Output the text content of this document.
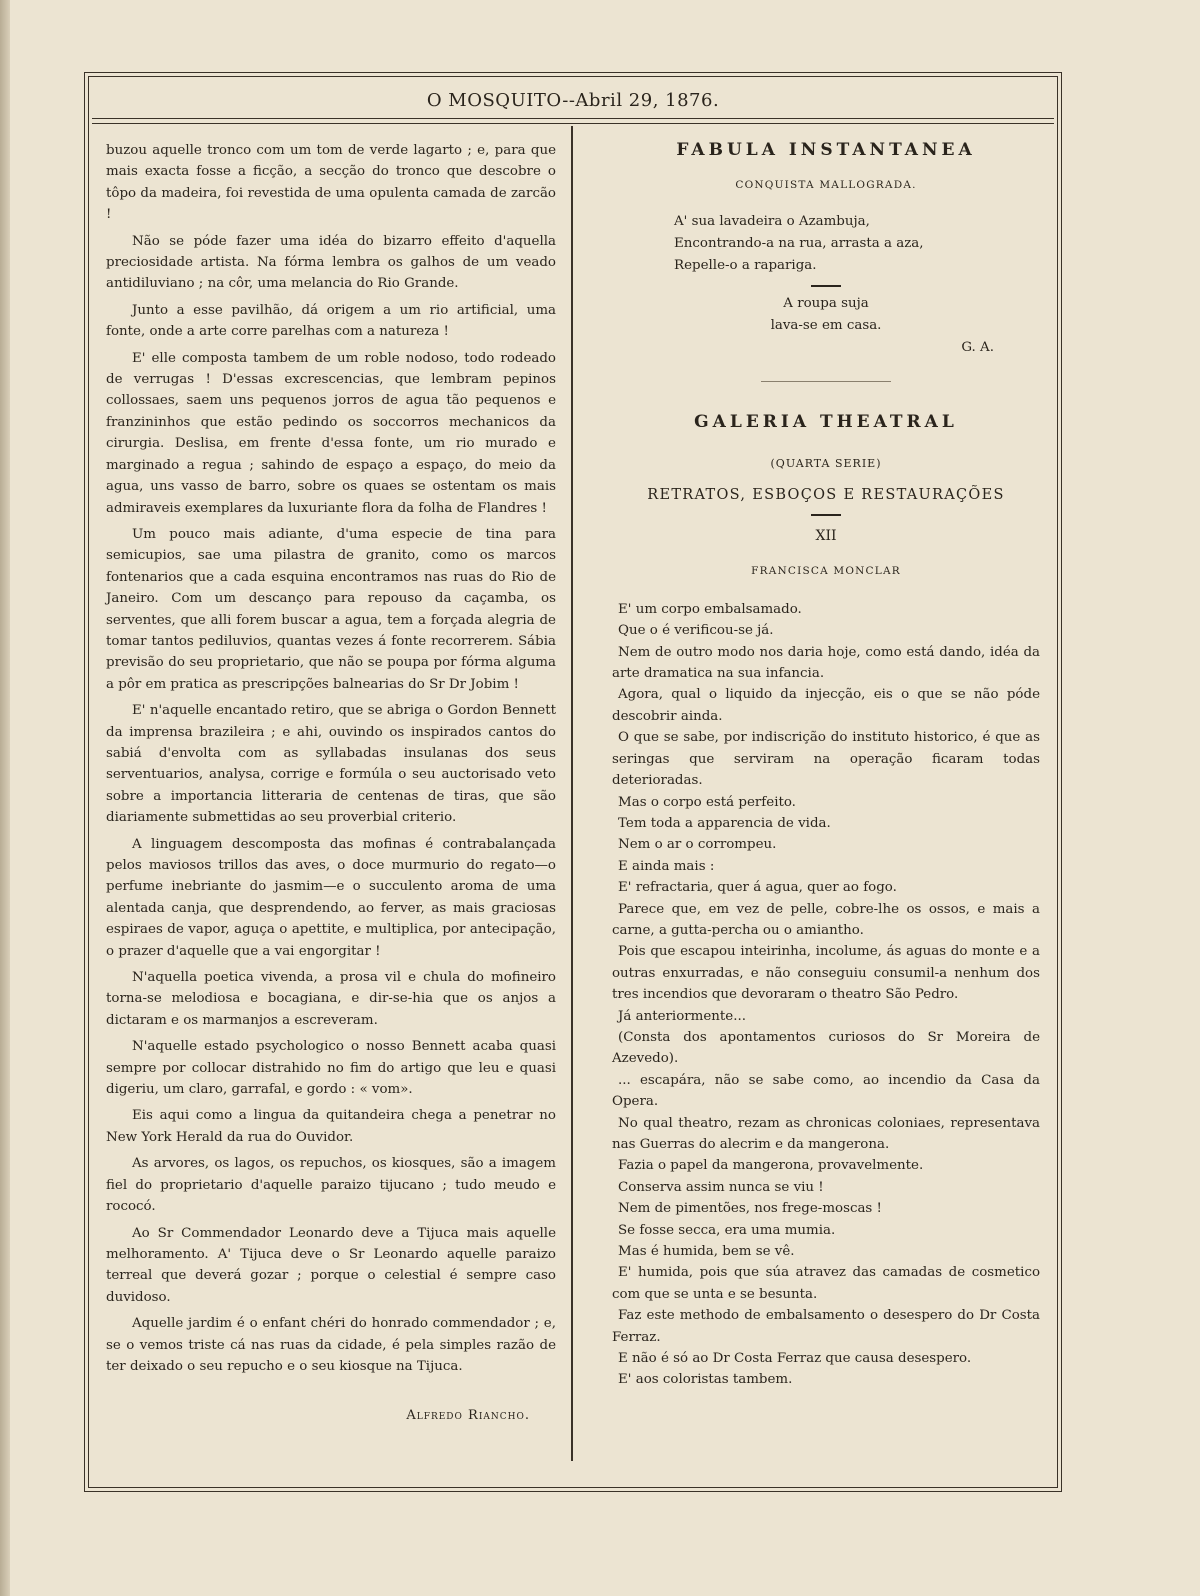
O MOSQUITO--Abril 29, 1876.

buzou aquelle tronco com um tom de verde lagarto ; e, para que mais exacta fosse a ficção, a secção do tronco que descobre o tôpo da madeira, foi revestida de uma opulenta camada de zarcão !

Não se póde fazer uma idéa do bizarro effeito d'aquella preciosidade artista. Na fórma lembra os galhos de um veado antidiluviano ; na côr, uma melancia do Rio Grande.

Junto a esse pavilhão, dá origem a um rio artificial, uma fonte, onde a arte corre parelhas com a natureza !

E' elle composta tambem de um roble nodoso, todo rodeado de verrugas ! D'essas excrescencias, que lembram pepinos collossaes, saem uns pequenos jorros de agua tão pequenos e franzininhos que estão pedindo os soccorros mechanicos da cirurgia. Deslisa, em frente d'essa fonte, um rio murado e marginado a regua ; sahindo de espaço a espaço, do meio da agua, uns vasso de barro, sobre os quaes se ostentam os mais admiraveis exemplares da luxuriante flora da folha de Flandres !

Um pouco mais adiante, d'uma especie de tina para semicupios, sae uma pilastra de granito, como os marcos fontenarios que a cada esquina encontramos nas ruas do Rio de Janeiro. Com um descanço para repouso da caçamba, os serventes, que alli forem buscar a agua, tem a forçada alegria de tomar tantos pediluvios, quantas vezes á fonte recorrerem. Sábia previsão do seu proprietario, que não se poupa por fórma alguma a pôr em pratica as prescripções balnearias do Sr Dr Jobim !

E' n'aquelle encantado retiro, que se abriga o Gordon Bennett da imprensa brazileira ; e ahi, ouvindo os inspirados cantos do sabiá d'envolta com as syllabadas insulanas dos seus serventuarios, analysa, corrige e formúla o seu auctorisado veto sobre a importancia litteraria de centenas de tiras, que são diariamente submettidas ao seu proverbial criterio.

A linguagem descomposta das mofinas é contrabalançada pelos maviosos trillos das aves, o doce murmurio do regato—o perfume inebriante do jasmim—e o succulento aroma de uma alentada canja, que desprendendo, ao ferver, as mais graciosas espiraes de vapor, aguça o apettite, e multiplica, por antecipação, o prazer d'aquelle que a vai engorgitar !

N'aquella poetica vivenda, a prosa vil e chula do mofineiro torna-se melodiosa e bocagiana, e dir-se-hia que os anjos a dictaram e os marmanjos a escreveram.

N'aquelle estado psychologico o nosso Bennett acaba quasi sempre por collocar distrahido no fim do artigo que leu e quasi digeriu, um claro, garrafal, e gordo : « vom».

Eis aqui como a lingua da quitandeira chega a penetrar no New York Herald da rua do Ouvidor.

As arvores, os lagos, os repuchos, os kiosques, são a imagem fiel do proprietario d'aquelle paraizo tijucano ; tudo meudo e rococó.

Ao Sr Commendador Leonardo deve a Tijuca mais aquelle melhoramento. A' Tijuca deve o Sr Leonardo aquelle paraizo terreal que deverá gozar ; porque o celestial é sempre caso duvidoso.

Aquelle jardim é o enfant chéri do honrado commendador ; e, se o vemos triste cá nas ruas da cidade, é pela simples razão de ter deixado o seu repucho e o seu kiosque na Tijuca.

Alfredo Riancho.
FABULA INSTANTANEA
CONQUISTA MALLOGRADA.
A' sua lavadeira o Azambuja,
Encontrando-a na rua, arrasta a aza,
Repelle-o a rapariga.
A roupa suja
lava-se em casa.
G. A.
GALERIA THEATRAL
(QUARTA SERIE)
RETRATOS, ESBOÇOS E RESTAURAÇÕES
XII
FRANCISCA MONCLAR

E' um corpo embalsamado.

Que o é verificou-se já.

Nem de outro modo nos daria hoje, como está dando, idéa da arte dramatica na sua infancia.

Agora, qual o liquido da injecção, eis o que se não póde descobrir ainda.

O que se sabe, por indiscrição do instituto historico, é que as seringas que serviram na operação ficaram todas deterioradas.

Mas o corpo está perfeito.

Tem toda a apparencia de vida.

Nem o ar o corrompeu.

E ainda mais :

E' refractaria, quer á agua, quer ao fogo.

Parece que, em vez de pelle, cobre-lhe os ossos, e mais a carne, a gutta-percha ou o amiantho.

Pois que escapou inteirinha, incolume, ás aguas do monte e a outras enxurradas, e não conseguiu consumil-a nenhum dos tres incendios que devoraram o theatro São Pedro.

Já anteriormente...

(Consta dos apontamentos curiosos do Sr Moreira de Azevedo).

... escapára, não se sabe como, ao incendio da Casa da Opera.

No qual theatro, rezam as chronicas coloniaes, representava nas Guerras do alecrim e da mangerona.

Fazia o papel da mangerona, provavelmente.

Conserva assim nunca se viu !

Nem de pimentões, nos frege-moscas !

Se fosse secca, era uma mumia.

Mas é humida, bem se vê.

E' humida, pois que súa atravez das camadas de cosmetico com que se unta e se besunta.

Faz este methodo de embalsamento o desespero do Dr Costa Ferraz.

E não é só ao Dr Costa Ferraz que causa desespero.

E' aos coloristas tambem.
